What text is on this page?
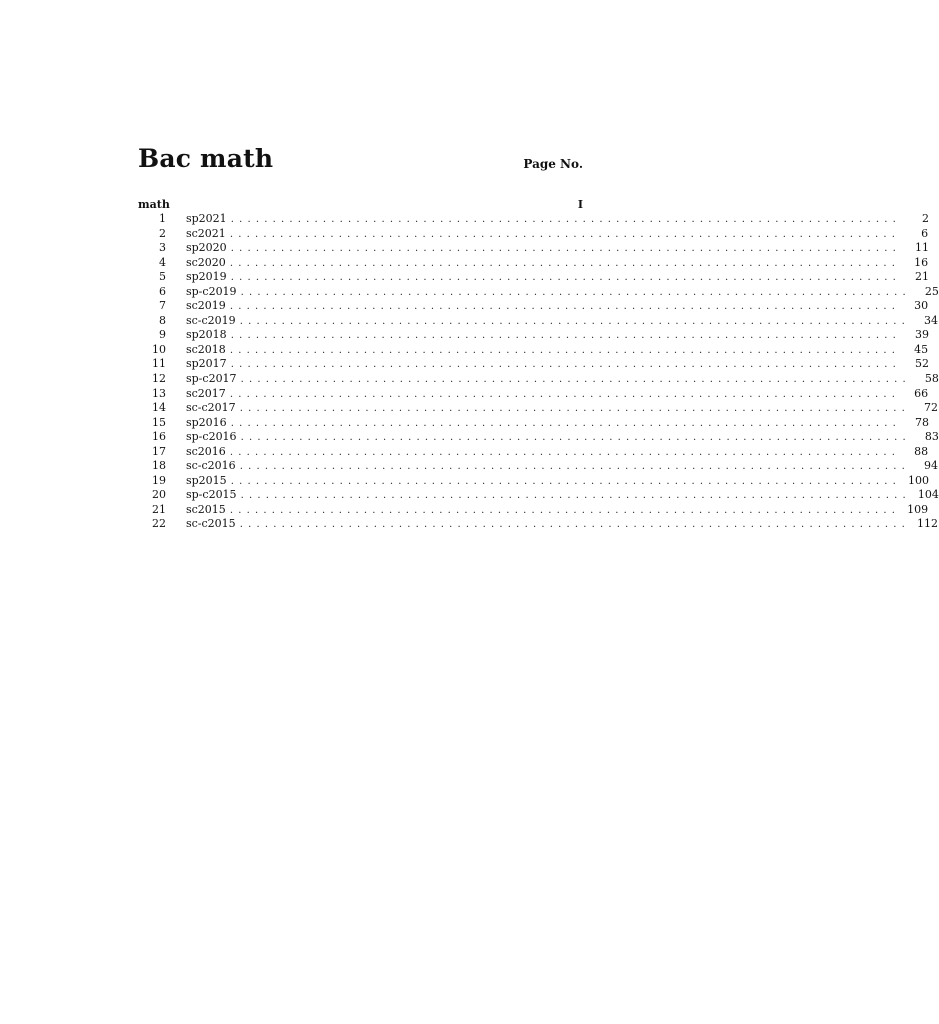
Bac math	Page No.
math	I
1 sp2021 ................................................................................	2
2 sc2021 ................................................................................	6
3 sp2020 ................................................................................	11
4 sc2020 ................................................................................	16
5 sp2019 ................................................................................	21
6 sp-c2019 ................................................................................	25
7 sc2019 ................................................................................	30
8 sc-c2019 ................................................................................	34
9 sp2018 ................................................................................	39
10 sc2018 ................................................................................	45
11 sp2017 ................................................................................	52
12 sp-c2017 ................................................................................	58
13 sc2017 ................................................................................	66
14 sc-c2017 ................................................................................	72
15 sp2016 ................................................................................	78
16 sp-c2016 ................................................................................	83
17 sc2016 ................................................................................	88
18 sc-c2016 ................................................................................	94
19 sp2015 ................................................................................ 100
20 sp-c2015 ................................................................................ 104
21 sc2015 ................................................................................ 109
22 sc-c2015 ................................................................................ 112
